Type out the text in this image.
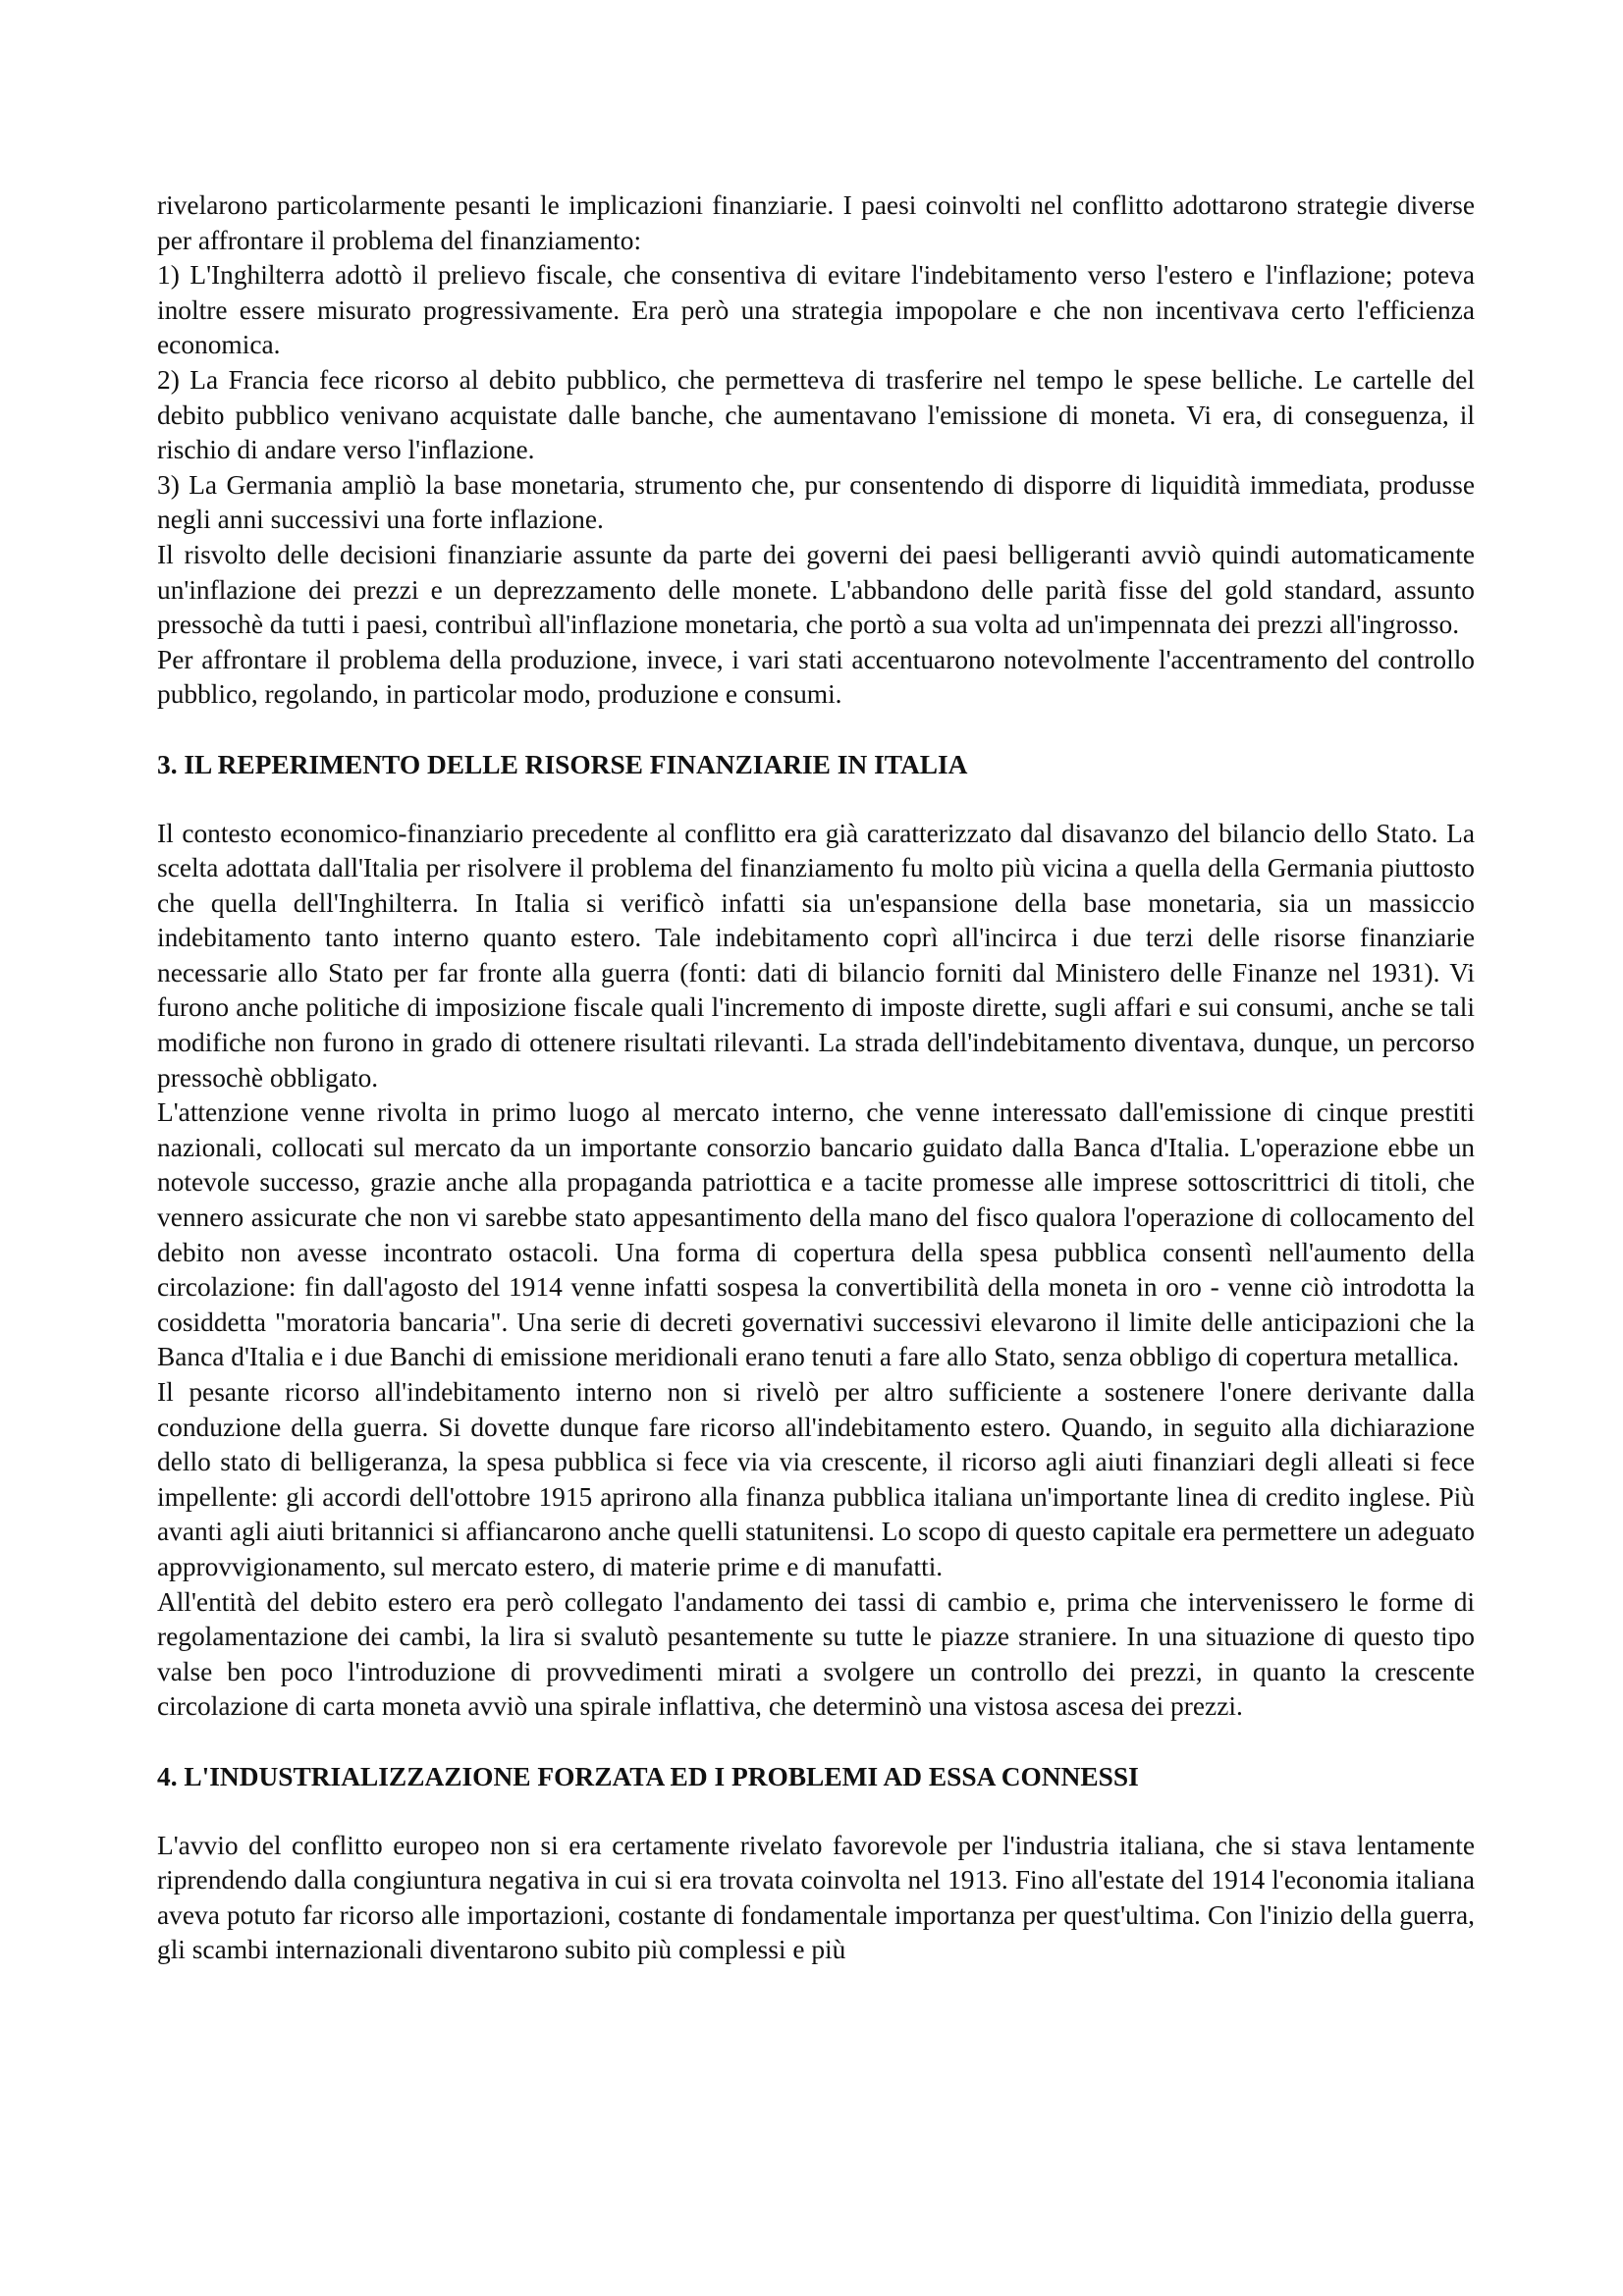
rivelarono particolarmente pesanti le implicazioni finanziarie. I paesi coinvolti nel conflitto adottarono strategie diverse per affrontare il problema del finanziamento:

1) L'Inghilterra adottò il prelievo fiscale, che consentiva di evitare l'indebitamento verso l'estero e l'inflazione; poteva inoltre essere misurato progressivamente. Era però una strategia impopolare e che non incentivava certo l'efficienza economica.

2) La Francia fece ricorso al debito pubblico, che permetteva di trasferire nel tempo le spese belliche. Le cartelle del debito pubblico venivano acquistate dalle banche, che aumentavano l'emissione di moneta. Vi era, di conseguenza, il rischio di andare verso l'inflazione.

3) La Germania ampliò la base monetaria, strumento che, pur consentendo di disporre di liquidità immediata, produsse negli anni successivi una forte inflazione.

Il risvolto delle decisioni finanziarie assunte da parte dei governi dei paesi belligeranti avviò quindi automaticamente un'inflazione dei prezzi e un deprezzamento delle monete. L'abbandono delle parità fisse del gold standard, assunto pressochè da tutti i paesi, contribuì all'inflazione monetaria, che portò a sua volta ad un'impennata dei prezzi all'ingrosso.

Per affrontare il problema della produzione, invece, i vari stati accentuarono notevolmente l'accentramento del controllo pubblico, regolando, in particolar modo, produzione e consumi.

3. IL REPERIMENTO DELLE RISORSE FINANZIARIE IN ITALIA

Il contesto economico-finanziario precedente al conflitto era già caratterizzato dal disavanzo del bilancio dello Stato. La scelta adottata dall'Italia per risolvere il problema del finanziamento fu molto più vicina a quella della Germania piuttosto che quella dell'Inghilterra. In Italia si verificò infatti sia un'espansione della base monetaria, sia un massiccio indebitamento tanto interno quanto estero. Tale indebitamento coprì all'incirca i due terzi delle risorse finanziarie necessarie allo Stato per far fronte alla guerra (fonti: dati di bilancio forniti dal Ministero delle Finanze nel 1931). Vi furono anche politiche di imposizione fiscale quali l'incremento di imposte dirette, sugli affari e sui consumi, anche se tali modifiche non furono in grado di ottenere risultati rilevanti. La strada dell'indebitamento diventava, dunque, un percorso pressochè obbligato.

L'attenzione venne rivolta in primo luogo al mercato interno, che venne interessato dall'emissione di cinque prestiti nazionali, collocati sul mercato da un importante consorzio bancario guidato dalla Banca d'Italia. L'operazione ebbe un notevole successo, grazie anche alla propaganda patriottica e a tacite promesse alle imprese sottoscrittrici di titoli, che vennero assicurate che non vi sarebbe stato appesantimento della mano del fisco qualora l'operazione di collocamento del debito non avesse incontrato ostacoli. Una forma di copertura della spesa pubblica consentì nell'aumento della circolazione: fin dall'agosto del 1914 venne infatti sospesa la convertibilità della moneta in oro - venne ciò introdotta la cosiddetta "moratoria bancaria". Una serie di decreti governativi successivi elevarono il limite delle anticipazioni che la Banca d'Italia e i due Banchi di emissione meridionali erano tenuti a fare allo Stato, senza obbligo di copertura metallica.

Il pesante ricorso all'indebitamento interno non si rivelò per altro sufficiente a sostenere l'onere derivante dalla conduzione della guerra. Si dovette dunque fare ricorso all'indebitamento estero. Quando, in seguito alla dichiarazione dello stato di belligeranza, la spesa pubblica si fece via via crescente, il ricorso agli aiuti finanziari degli alleati si fece impellente: gli accordi dell'ottobre 1915 aprirono alla finanza pubblica italiana un'importante linea di credito inglese. Più avanti agli aiuti britannici si affiancarono anche quelli statunitensi. Lo scopo di questo capitale era permettere un adeguato approvvigionamento, sul mercato estero, di materie prime e di manufatti.

All'entità del debito estero era però collegato l'andamento dei tassi di cambio e, prima che intervenissero le forme di regolamentazione dei cambi, la lira si svalutò pesantemente su tutte le piazze straniere. In una situazione di questo tipo valse ben poco l'introduzione di provvedimenti mirati a svolgere un controllo dei prezzi, in quanto la crescente circolazione di carta moneta avviò una spirale inflattiva, che determinò una vistosa ascesa dei prezzi.

4. L'INDUSTRIALIZZAZIONE FORZATA ED I PROBLEMI AD ESSA CONNESSI

L'avvio del conflitto europeo non si era certamente rivelato favorevole per l'industria italiana, che si stava lentamente riprendendo dalla congiuntura negativa in cui si era trovata coinvolta nel 1913. Fino all'estate del 1914 l'economia italiana aveva potuto far ricorso alle importazioni, costante di fondamentale importanza per quest'ultima. Con l'inizio della guerra, gli scambi internazionali diventarono subito più complessi e più
